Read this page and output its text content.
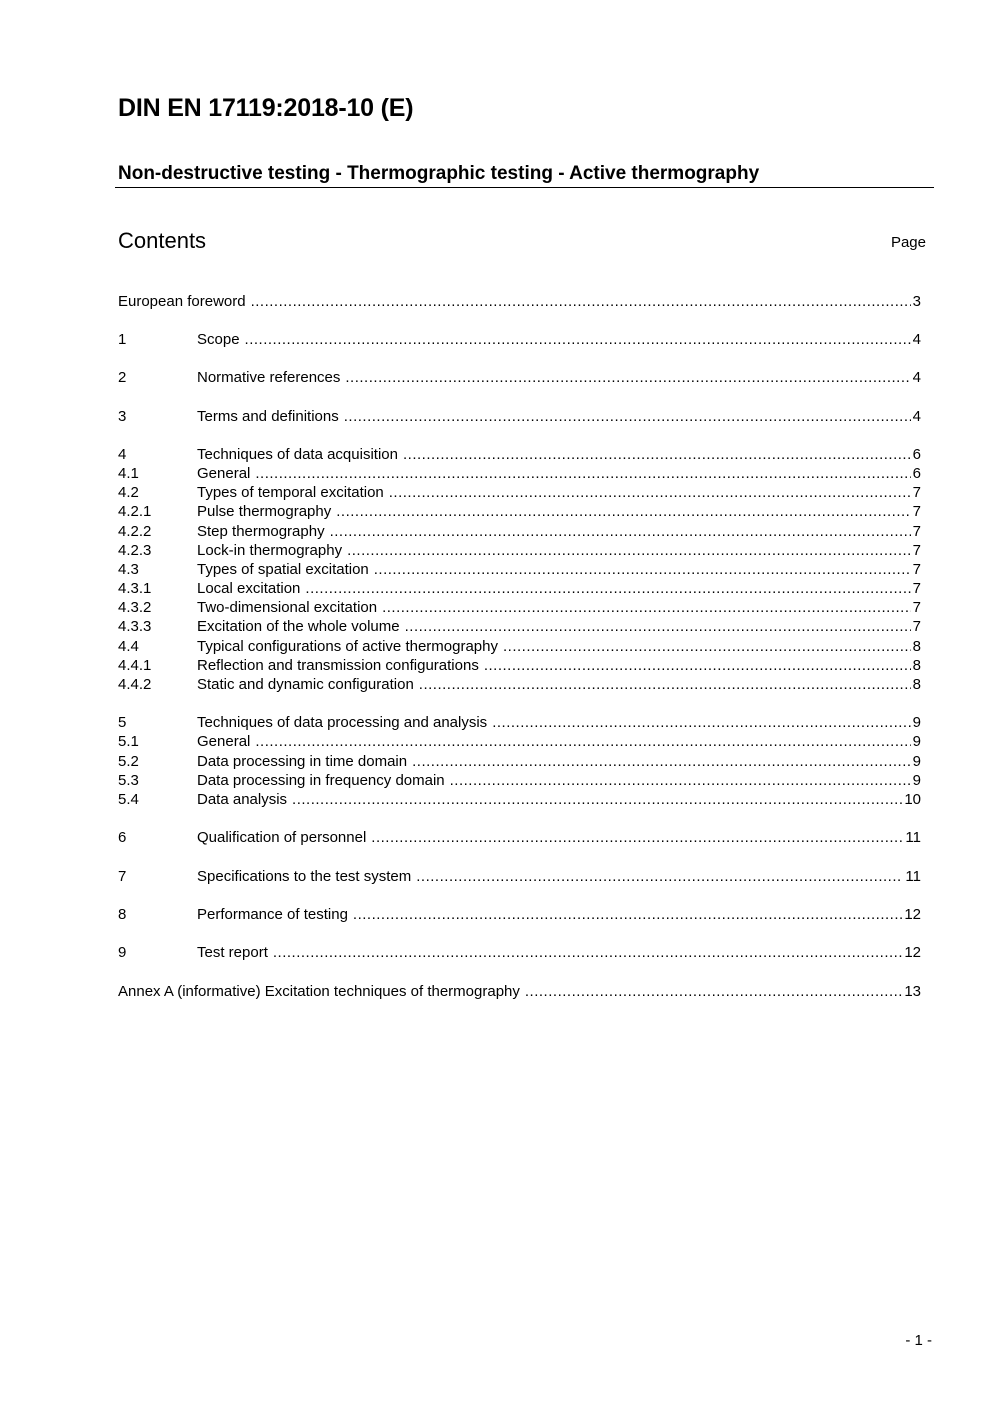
DIN EN 17119:2018-10 (E)
Non-destructive testing - Thermographic testing - Active thermography
Contents	Page
European foreword .....	3
1	Scope .....	4
2	Normative references .....	4
3	Terms and definitions .....	4
4	Techniques of data acquisition .....	6
4.1	General .....	6
4.2	Types of temporal excitation .....	7
4.2.1	Pulse thermography .....	7
4.2.2	Step thermography .....	7
4.2.3	Lock-in thermography .....	7
4.3	Types of spatial excitation .....	7
4.3.1	Local excitation .....	7
4.3.2	Two-dimensional excitation .....	7
4.3.3	Excitation of the whole volume .....	7
4.4	Typical configurations of active thermography .....	8
4.4.1	Reflection and transmission configurations .....	8
4.4.2	Static and dynamic configuration .....	8
5	Techniques of data processing and analysis .....	9
5.1	General .....	9
5.2	Data processing in time domain .....	9
5.3	Data processing in frequency domain .....	9
5.4	Data analysis .....	10
6	Qualification of personnel .....	11
7	Specifications to the test system .....	11
8	Performance of testing .....	12
9	Test report .....	12
Annex A (informative) Excitation techniques of thermography .....	13
- 1 -
